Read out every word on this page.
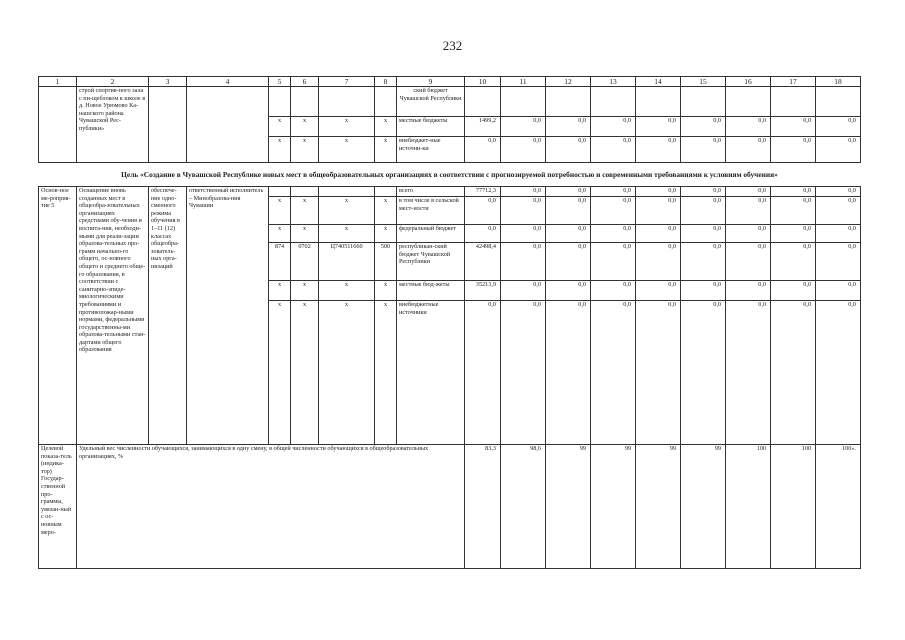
232
1	2	3	4	5	6	7	8	9	10	11	12	13	14	15	16	17	18
	строй спортив-ного зала с пи-щеблоком к школе в д. Новое Урюмово Ка-нашского района Чувашской Рес-публики»							ский бюджет Чувашской Республики									
				х	х	х	х	местные бюджеты	1499,2	0,0	0,0	0,0	0,0	0,0	0,0	0,0	0,0
				х	х	х	х	внебюджет-ные источни-ки	0,0	0,0	0,0	0,0	0,0	0,0	0,0	0,0	0,0
Цель «Создание в Чувашской Республике новых мест в общеобразовательных организациях в соответствии с прогнозируемой потребностью и современными требованиями к условиям обучения»																	
Основ-ное ме-роприя-тие 5	Оснащение вновь созданных мест в общеобра-зовательных организациях средствами обу-чения и воспита-ния, необходи-мыми для реали-зации образова-тельных про-грамм начально-го общего, ос-новного общего и среднего обще-го образования, в соответствии с санитарно-эпиде-миологическими требованиями и противопожар-ными нормами, федеральными государственны-ми образова-тельными стан-дартами общего образования	обеспече-ние одно-сменного режима обучения в 1–11 (12) классах общеобра-зователь-ных орга-низаций	ответственный исполнитель – Минобразова-ния Чувашии					всего	77712,3	0,0	0,0	0,0	0,0	0,0	0,0	0,0	0,0
				х	х	х	х	в том числе в сельской мест-ности	0,0	0,0	0,0	0,0	0,0	0,0	0,0	0,0	0,0
				х	х	х	х	федеральный бюджет	0,0	0,0	0,0	0,0	0,0	0,0	0,0	0,0	0,0
				874	0702	Ц740511660	500	республикан-ский бюджет Чувашской Республики	42498,4	0,0	0,0	0,0	0,0	0,0	0,0	0,0	0,0
				х	х	х	х	местные бюд-жеты	35213,9	0,0	0,0	0,0	0,0	0,0	0,0	0,0	0,0
				х	х	х	х	внебюджетные источники	0,0	0,0	0,0	0,0	0,0	0,0	0,0	0,0	0,0
Целевой показа-тель (индика-тор) Государ-ственной про-граммы, увязан-ный с ос-новным меро-	Удельный вес численности обучающихся, занимающихся в одну смену, в общей численности обучающихся в общеобразовательных организациях, %								83,3	98,6	99	99	99	99	100	100	100».
